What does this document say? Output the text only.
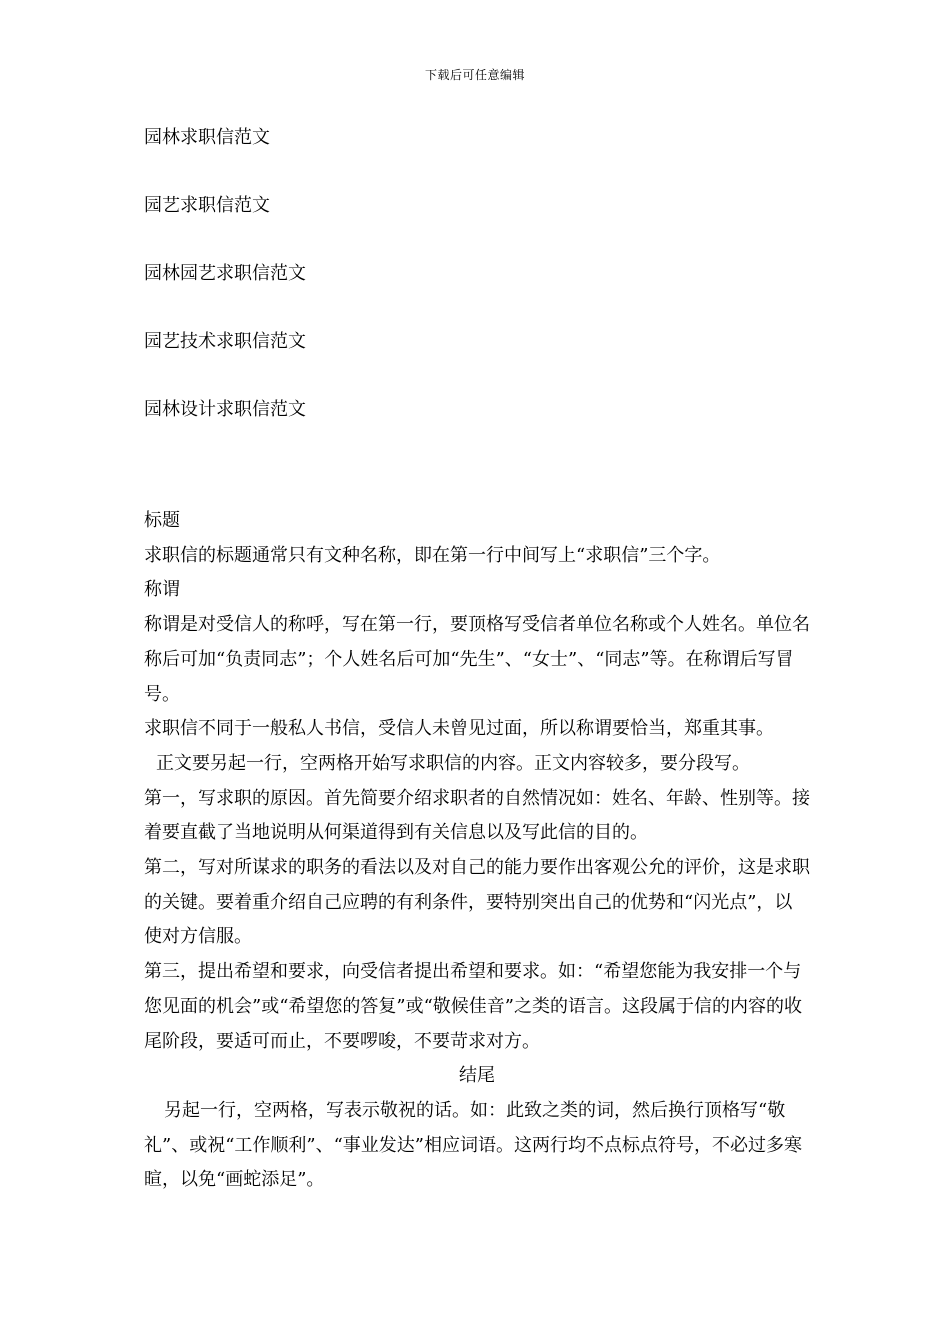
下载后可任意编辑
园林求职信范文
园艺求职信范文
园林园艺求职信范文
园艺技术求职信范文
园林设计求职信范文

标题

求职信的标题通常只有文种名称，即在第一行中间写上“求职信”三个字。

称谓

称谓是对受信人的称呼，写在第一行，要顶格写受信者单位名称或个人姓名。单位名称后可加“负责同志”；个人姓名后可加“先生”、“女士”、“同志”等。在称谓后写冒号。

求职信不同于一般私人书信，受信人未曾见过面，所以称谓要恰当，郑重其事。

正文要另起一行，空两格开始写求职信的内容。正文内容较多，要分段写。

第一，写求职的原因。首先简要介绍求职者的自然情况如：姓名、年龄、性别等。接着要直截了当地说明从何渠道得到有关信息以及写此信的目的。

第二，写对所谋求的职务的看法以及对自己的能力要作出客观公允的评价，这是求职的关键。要着重介绍自己应聘的有利条件，要特别突出自己的优势和“闪光点”，以使对方信服。

第三，提出希望和要求，向受信者提出希望和要求。如：“希望您能为我安排一个与您见面的机会”或“希望您的答复”或“敬候佳音”之类的语言。这段属于信的内容的收尾阶段，要适可而止，不要啰唆，不要苛求对方。

结尾

另起一行，空两格，写表示敬祝的话。如：此致之类的词，然后换行顶格写“敬礼”、或祝“工作顺利”、“事业发达”相应词语。这两行均不点标点符号，不必过多寒暄，以免“画蛇添足”。
